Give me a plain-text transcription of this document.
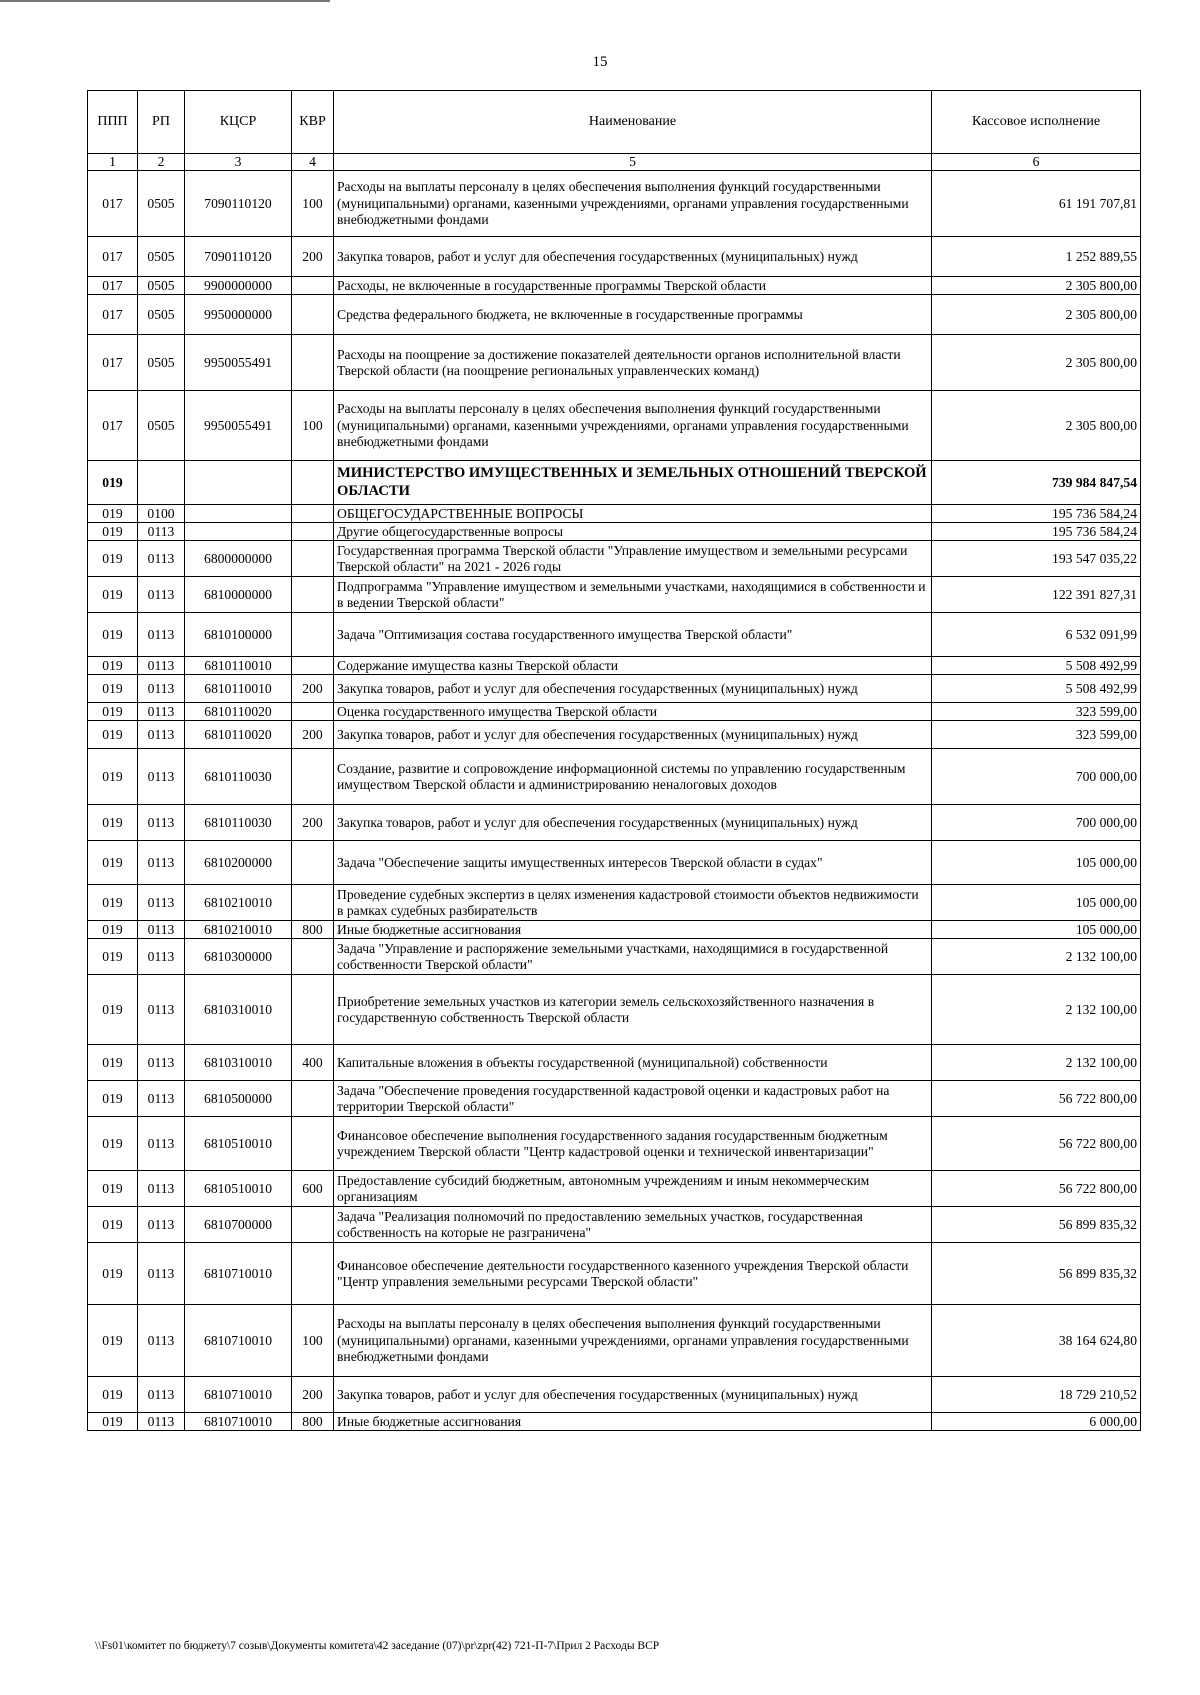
15
ППП	РП	КЦСР	КВР	Наименование	Кассовое исполнение
1	2	3	4	5	6
017	0505	7090110120	100	Расходы на выплаты персоналу в целях обеспечения выполнения функций государственными (муниципальными) органами, казенными учреждениями, органами управления государственными внебюджетными фондами	61 191 707,81
017	0505	7090110120	200	Закупка товаров, работ и услуг для обеспечения государственных (муниципальных) нужд	1 252 889,55
017	0505	9900000000		Расходы, не включенные в государственные программы Тверской области	2 305 800,00
017	0505	9950000000		Средства федерального бюджета, не включенные в государственные программы	2 305 800,00
017	0505	9950055491		Расходы на поощрение за достижение показателей деятельности органов исполнительной власти Тверской области (на поощрение региональных управленческих команд)	2 305 800,00
017	0505	9950055491	100	Расходы на выплаты персоналу в целях обеспечения выполнения функций государственными (муниципальными) органами, казенными учреждениями, органами управления государственными внебюджетными фондами	2 305 800,00
019				МИНИСТЕРСТВО ИМУЩЕСТВЕННЫХ И ЗЕМЕЛЬНЫХ ОТНОШЕНИЙ ТВЕРСКОЙ ОБЛАСТИ	739 984 847,54
019	0100			ОБЩЕГОСУДАРСТВЕННЫЕ ВОПРОСЫ	195 736 584,24
019	0113			Другие общегосударственные вопросы	195 736 584,24
019	0113	6800000000		Государственная программа Тверской области "Управление имуществом и земельными ресурсами Тверской области" на 2021 - 2026 годы	193 547 035,22
019	0113	6810000000		Подпрограмма "Управление имуществом и земельными участками, находящимися в собственности и в ведении Тверской области"	122 391 827,31
019	0113	6810100000		Задача "Оптимизация состава государственного имущества Тверской области"	6 532 091,99
019	0113	6810110010		Содержание имущества казны Тверской области	5 508 492,99
019	0113	6810110010	200	Закупка товаров, работ и услуг для обеспечения государственных (муниципальных) нужд	5 508 492,99
019	0113	6810110020		Оценка государственного имущества Тверской области	323 599,00
019	0113	6810110020	200	Закупка товаров, работ и услуг для обеспечения государственных (муниципальных) нужд	323 599,00
019	0113	6810110030		Создание, развитие и сопровождение информационной системы по управлению государственным имуществом Тверской области и администрированию неналоговых доходов	700 000,00
019	0113	6810110030	200	Закупка товаров, работ и услуг для обеспечения государственных (муниципальных) нужд	700 000,00
019	0113	6810200000		Задача "Обеспечение защиты имущественных интересов Тверской области в судах"	105 000,00
019	0113	6810210010		Проведение судебных экспертиз в целях изменения кадастровой стоимости объектов недвижимости в рамках судебных разбирательств	105 000,00
019	0113	6810210010	800	Иные бюджетные ассигнования	105 000,00
019	0113	6810300000		Задача "Управление и распоряжение земельными участками, находящимися в государственной собственности Тверской области"	2 132 100,00
019	0113	6810310010		Приобретение земельных участков из категории земель сельскохозяйственного назначения в государственную собственность Тверской области	2 132 100,00
019	0113	6810310010	400	Капитальные вложения в объекты государственной (муниципальной) собственности	2 132 100,00
019	0113	6810500000		Задача "Обеспечение проведения государственной кадастровой оценки и кадастровых работ на территории Тверской области"	56 722 800,00
019	0113	6810510010		Финансовое обеспечение выполнения государственного задания государственным бюджетным учреждением Тверской области "Центр кадастровой оценки и технической инвентаризации"	56 722 800,00
019	0113	6810510010	600	Предоставление субсидий бюджетным, автономным учреждениям и иным некоммерческим организациям	56 722 800,00
019	0113	6810700000		Задача "Реализация полномочий по предоставлению земельных участков, государственная собственность на которые не разграничена"	56 899 835,32
019	0113	6810710010		Финансовое обеспечение деятельности государственного казенного учреждения Тверской области "Центр управления земельными ресурсами Тверской области"	56 899 835,32
019	0113	6810710010	100	Расходы на выплаты персоналу в целях обеспечения выполнения функций государственными (муниципальными) органами, казенными учреждениями, органами управления государственными внебюджетными фондами	38 164 624,80
019	0113	6810710010	200	Закупка товаров, работ и услуг для обеспечения государственных (муниципальных) нужд	18 729 210,52
019	0113	6810710010	800	Иные бюджетные ассигнования	6 000,00
\\Fs01\комитет по бюджету\7 созыв\Документы комитета\42 заседание (07)\pr\zpr(42) 721-П-7\Прил 2 Расходы ВСР
